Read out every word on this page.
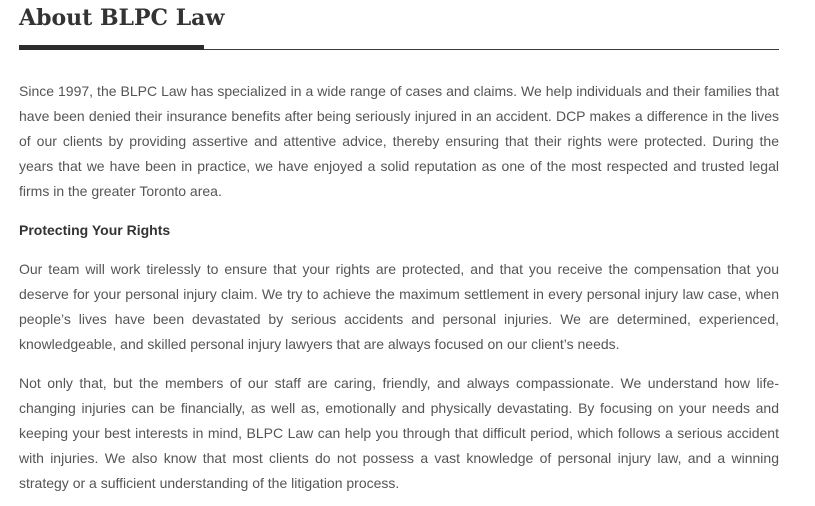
About BLPC Law

Since 1997, the BLPC Law has specialized in a wide range of cases and claims. We help individuals and their families that have been denied their insurance benefits after being seriously injured in an accident. DCP makes a difference in the lives of our clients by providing assertive and attentive advice, thereby ensuring that their rights were protected. During the years that we have been in practice, we have enjoyed a solid reputation as one of the most respected and trusted legal firms in the greater Toronto area.

Protecting Your Rights

Our team will work tirelessly to ensure that your rights are protected, and that you receive the compensation that you deserve for your personal injury claim. We try to achieve the maximum settlement in every personal injury law case, when people’s lives have been devastated by serious accidents and personal injuries. We are determined, experienced, knowledgeable, and skilled personal injury lawyers that are always focused on our client’s needs.

Not only that, but the members of our staff are caring, friendly, and always compassionate. We understand how life-changing injuries can be financially, as well as, emotionally and physically devastating. By focusing on your needs and keeping your best interests in mind, BLPC Law can help you through that difficult period, which follows a serious accident with injuries. We also know that most clients do not possess a vast knowledge of personal injury law, and a winning strategy or a sufficient understanding of the litigation process.
